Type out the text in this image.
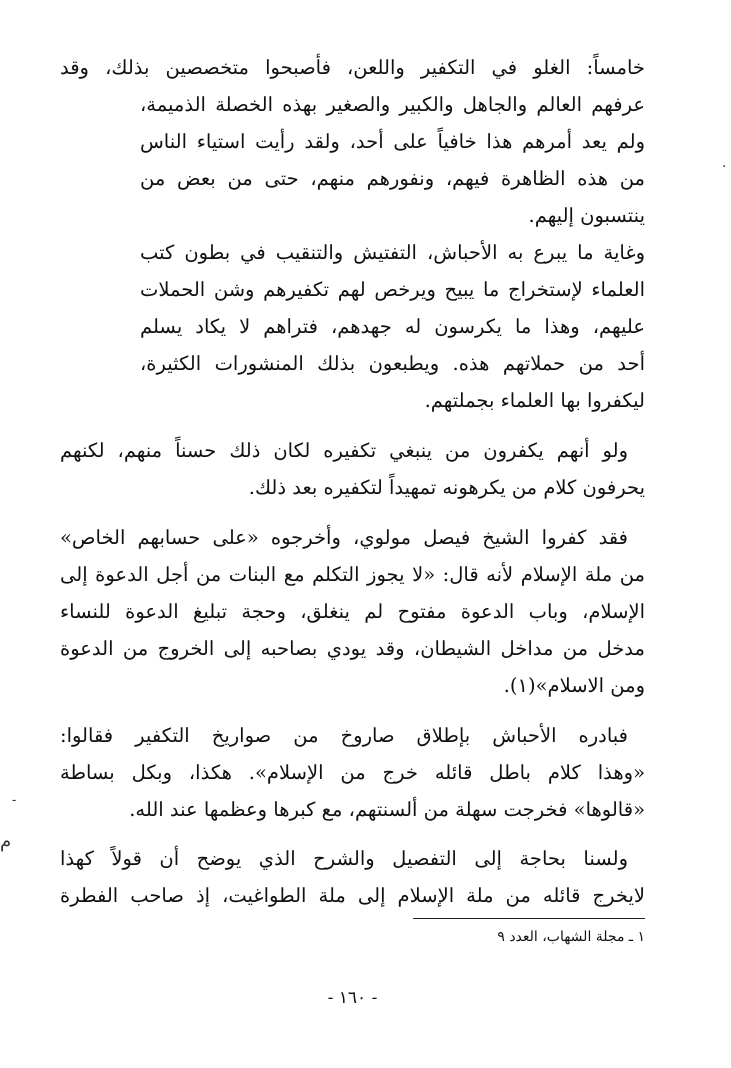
خامساً: الغلو في التكفير واللعن، فأصبحوا متخصصين بذلك، وقد
عرفهم العالم والجاهل والكبير والصغير بهذه الخصلة الذميمة،
ولم يعد أمرهم هذا خافياً على أحد، ولقد رأيت استياء الناس
من هذه الظاهرة فيهم، ونفورهم منهم، حتى من بعض من
ينتسبون إليهم.
وغاية ما يبرع به الأحباش، التفتيش والتنقيب في بطون كتب
العلماء لإستخراج ما يبيح ويرخص لهم تكفيرهم وشن الحملات
عليهم، وهذا ما يكرسون له جهدهم، فتراهم لا يكاد يسلم
أحد من حملاتهم هذه. ويطبعون بذلك المنشورات الكثيرة،
ليكفروا بها العلماء بجملتهم.
ولو أنهم يكفرون من ينبغي تكفيره لكان ذلك حسناً منهم، لكنهم
يحرفون كلام من يكرهونه تمهيداً لتكفيره بعد ذلك.
فقد كفروا الشيخ فيصل مولوي، وأخرجوه «على حسابهم الخاص»
من ملة الإسلام لأنه قال: «لا يجوز التكلم مع البنات من أجل الدعوة إلى
الإسلام، وباب الدعوة مفتوح لم ينغلق، وحجة تبليغ الدعوة للنساء
مدخل من مداخل الشيطان، وقد يودي بصاحبه إلى الخروج من الدعوة
ومن الاسلام»(١).
فبادره الأحباش بإطلاق صاروخ من صواريخ التكفير فقالوا:
«وهذا كلام باطل قائله خرج من الإسلام». هكذا، وبكل بساطة
«قالوها» فخرجت سهلة من ألسنتهم، مع كبرها وعظمها عند الله.
ولسنا بحاجة إلى التفصيل والشرح الذي يوضح أن قولاً كهذا
لايخرج قائله من ملة الإسلام إلى ملة الطواغيت، إذ صاحب الفطرة
١ ـ مجلة الشهاب، العدد ٩
- ١٦٠ -
۔
م
·
